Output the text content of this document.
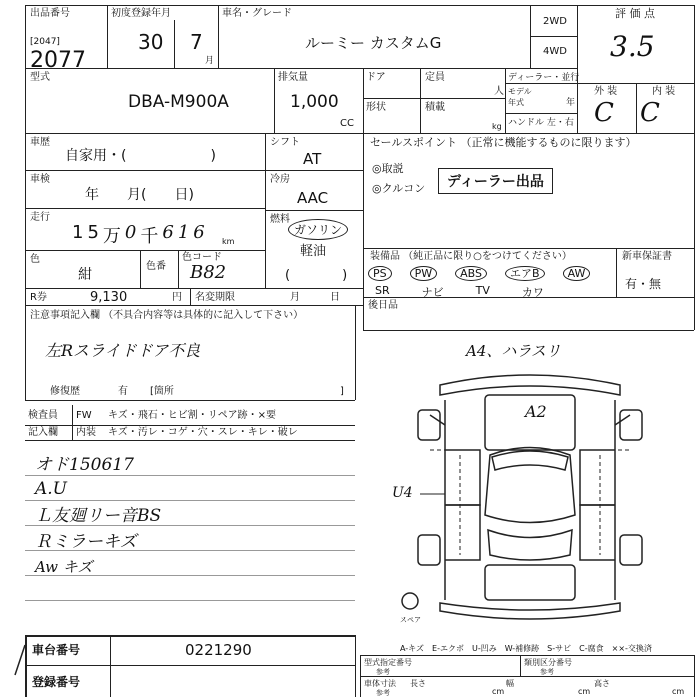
出品番号
[2047]
2077
初度登録年月
30 7
月
車名・グレード
ルーミー カスタムG
2WD
4WD
評 価 点
3.5
型式
DBA-M900A
排気量
1,000
CC
ドア	定員
人
形状	積載
kg
ディーラー・並行
モデル
年式	年
ハンドル 左・右
外 装	内 装
C C
車歴
自家用・(　　　　　　)
シフト
AT
車検
年　　月(　　日)
冷房
AAC
走行
1 5 万 0 千 6 1 6 km
燃料
ガソリン
軽油
(　　　　)
色
紺
色番
色コード
B82
R券	9,130	円 名変期限	月　　　日
セールスポイント （正常に機能するものに限ります）
◎取説
◎クルコン	ディーラー出品
装備品 （純正品に限り○をつけてください）
PS	PW	ABS	エアB	AW
SR	ナビ	TV	カワ
新車保証書
有・無
後日品
注意事項記入欄 （不具合内容等は具体的に記入して下さい）
左Rスライドドア不良
修復歴	有 [箇所	]
検査員 FW キズ・飛石・ヒビ割・リペア跡・×要
記入欄 内装 キズ・汚レ・コゲ・穴・スレ・キレ・破レ
オド150617
A.U
Ｌ友廻リー音BS
Ｒミラーキズ
Aw キズ
A4、ハラスリ
A2
U4
スペア
車台番号	0221290
登録番号
A-キズ　E-エクボ　U-凹み　W-補修跡　S-サビ　C-腐食　××-交換済
型式指定番号
参考
類別区分番号
参考
車体寸法
参考
長さ
cm
幅
cm
高さ
cm
